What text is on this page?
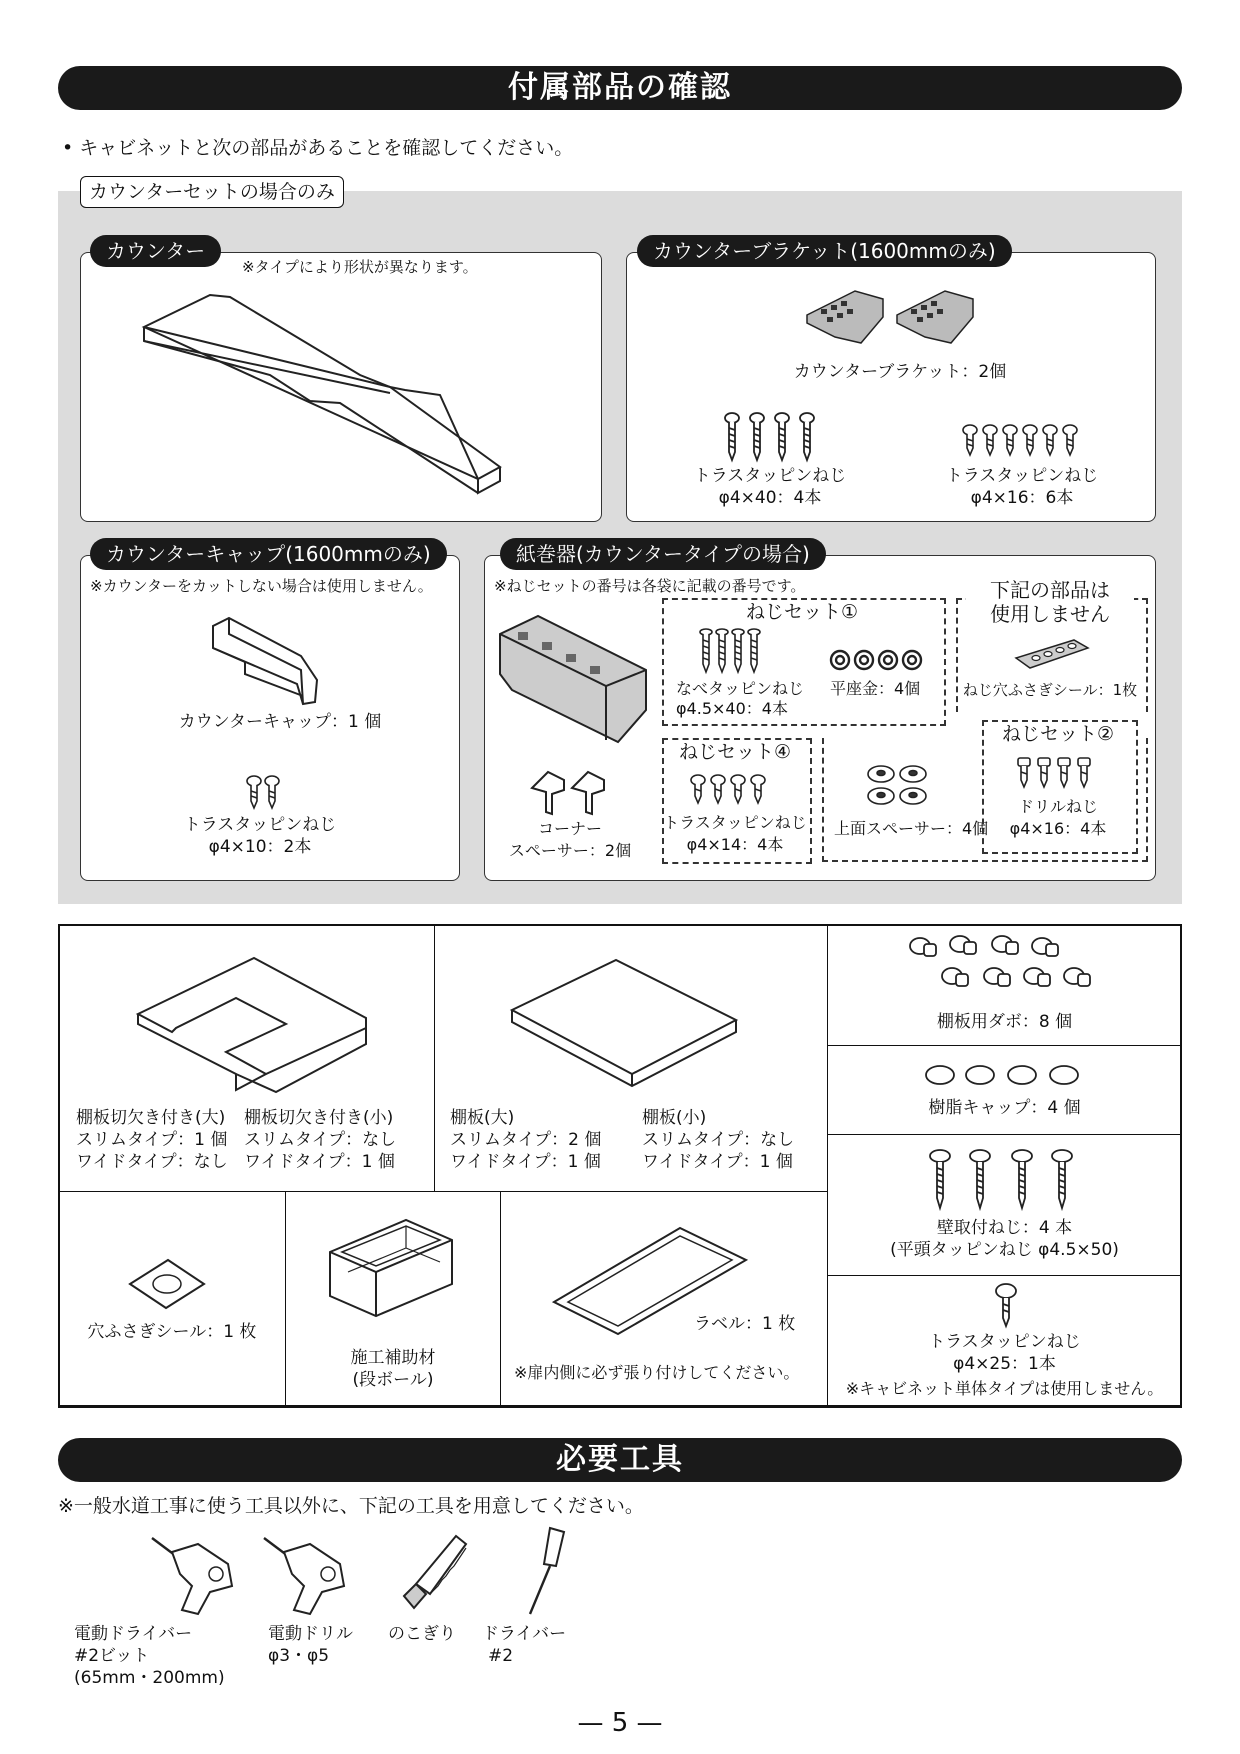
付属部品の確認
• キャビネットと次の部品があることを確認してください。
カウンターセットの場合のみ
カウンター
※タイプにより形状が異なります。
カウンターブラケット(1600mmのみ)
カウンターブラケット：2個
トラスタッピンねじ
φ4×40：4本
トラスタッピンねじ
φ4×16：6本
カウンターキャップ(1600mmのみ)
※カウンターをカットしない場合は使用しません。
カウンターキャップ：1 個
トラスタッピンねじ
φ4×10：2本
紙巻器(カウンタータイプの場合)
※ねじセットの番号は各袋に記載の番号です。
ねじセット①
なべタッピンねじ
φ4.5×40：4本
平座金：4個
下記の部品は
使用しません
ねじ穴ふさぎシール：1枚
ねじセット④
トラスタッピンねじ
φ4×14：4本
上面スペーサー：4個
ねじセット②
ドリルねじ
φ4×16：4本
コーナー
スペーサー：2個
棚板切欠き付き(大)
スリムタイプ：1 個
ワイドタイプ：なし
棚板切欠き付き(小)
スリムタイプ：なし
ワイドタイプ：1 個
棚板(大)
スリムタイプ：2 個
ワイドタイプ：1 個
棚板(小)
スリムタイプ：なし
ワイドタイプ：1 個
棚板用ダボ：8 個
樹脂キャップ：4 個
壁取付ねじ：4 本
(平頭タッピンねじ φ4.5×50)
トラスタッピンねじ
φ4×25：1本
※キャビネット単体タイプは使用しません。
穴ふさぎシール：1 枚
施工補助材
(段ボール)
ラベル：1 枚
※扉内側に必ず張り付けしてください。
必要工具
※一般水道工事に使う工具以外に、下記の工具を用意してください。
電動ドライバー
#2ビット
(65mm・200mm)
電動ドリル
φ3・φ5
のこぎり ドライバー
#2
— 5 —
